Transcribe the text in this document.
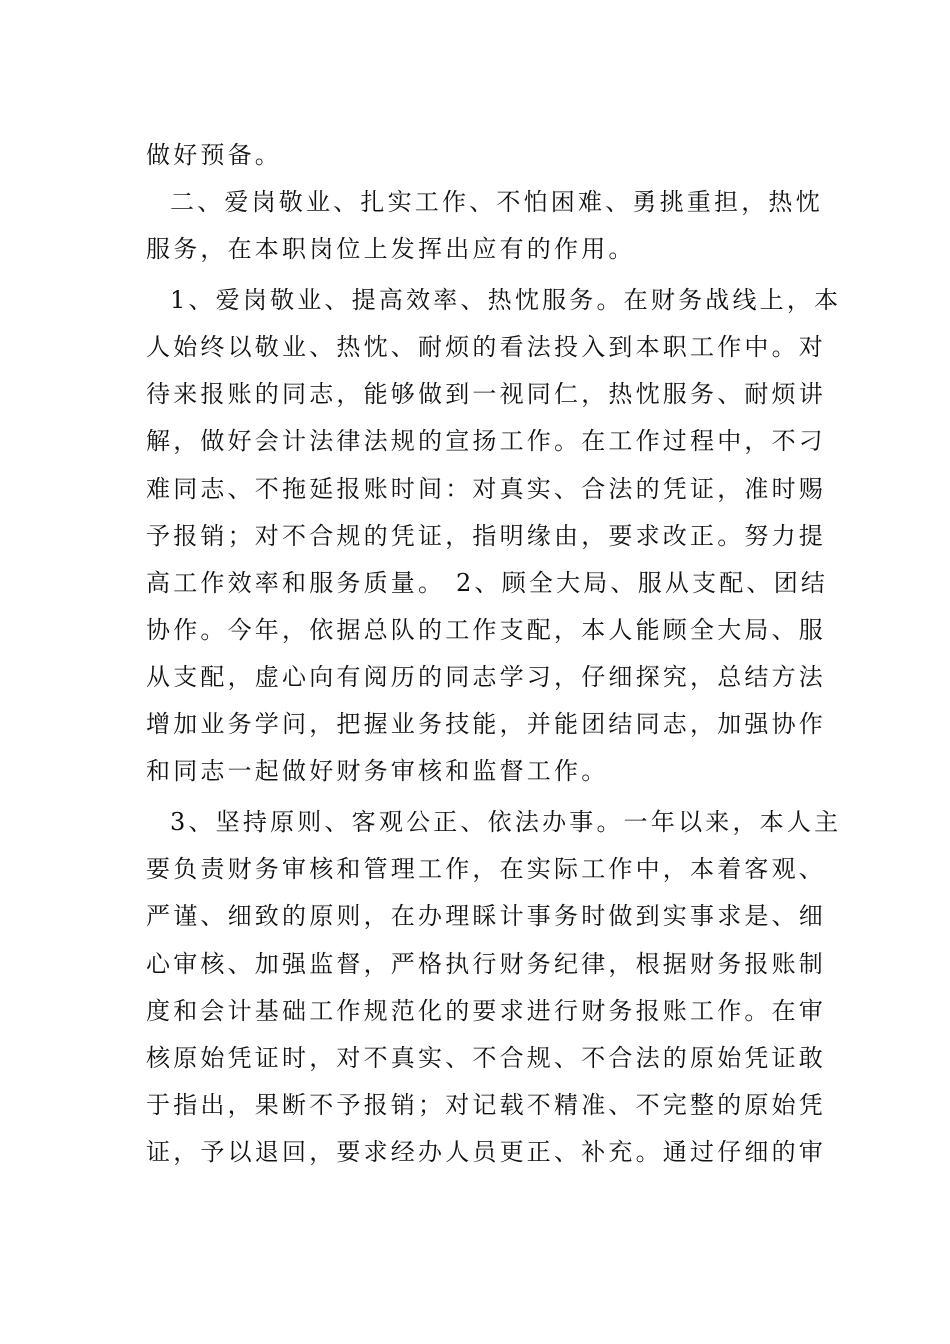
做好预备。
二、爱岗敬业、扎实工作、不怕困难、勇挑重担，热忱
服务，在本职岗位上发挥出应有的作用。
1、爱岗敬业、提高效率、热忱服务。在财务战线上，本
人始终以敬业、热忱、耐烦的看法投入到本职工作中。对
待来报账的同志，能够做到一视同仁，热忱服务、耐烦讲
解，做好会计法律法规的宣扬工作。在工作过程中，不刁
难同志、不拖延报账时间：对真实、合法的凭证，准时赐
予报销；对不合规的凭证，指明缘由，要求改正。努力提
高工作效率和服务质量。 2、顾全大局、服从支配、团结
协作。今年，依据总队的工作支配，本人能顾全大局、服
从支配，虚心向有阅历的同志学习，仔细探究，总结方法
增加业务学问，把握业务技能，并能团结同志，加强协作
和同志一起做好财务审核和监督工作。
3、坚持原则、客观公正、依法办事。一年以来，本人主
要负责财务审核和管理工作，在实际工作中，本着客观、
严谨、细致的原则，在办理睬计事务时做到实事求是、细
心审核、加强监督，严格执行财务纪律，根据财务报账制
度和会计基础工作规范化的要求进行财务报账工作。在审
核原始凭证时，对不真实、不合规、不合法的原始凭证敢
于指出，果断不予报销；对记载不精准、不完整的原始凭
证，予以退回，要求经办人员更正、补充。通过仔细的审
